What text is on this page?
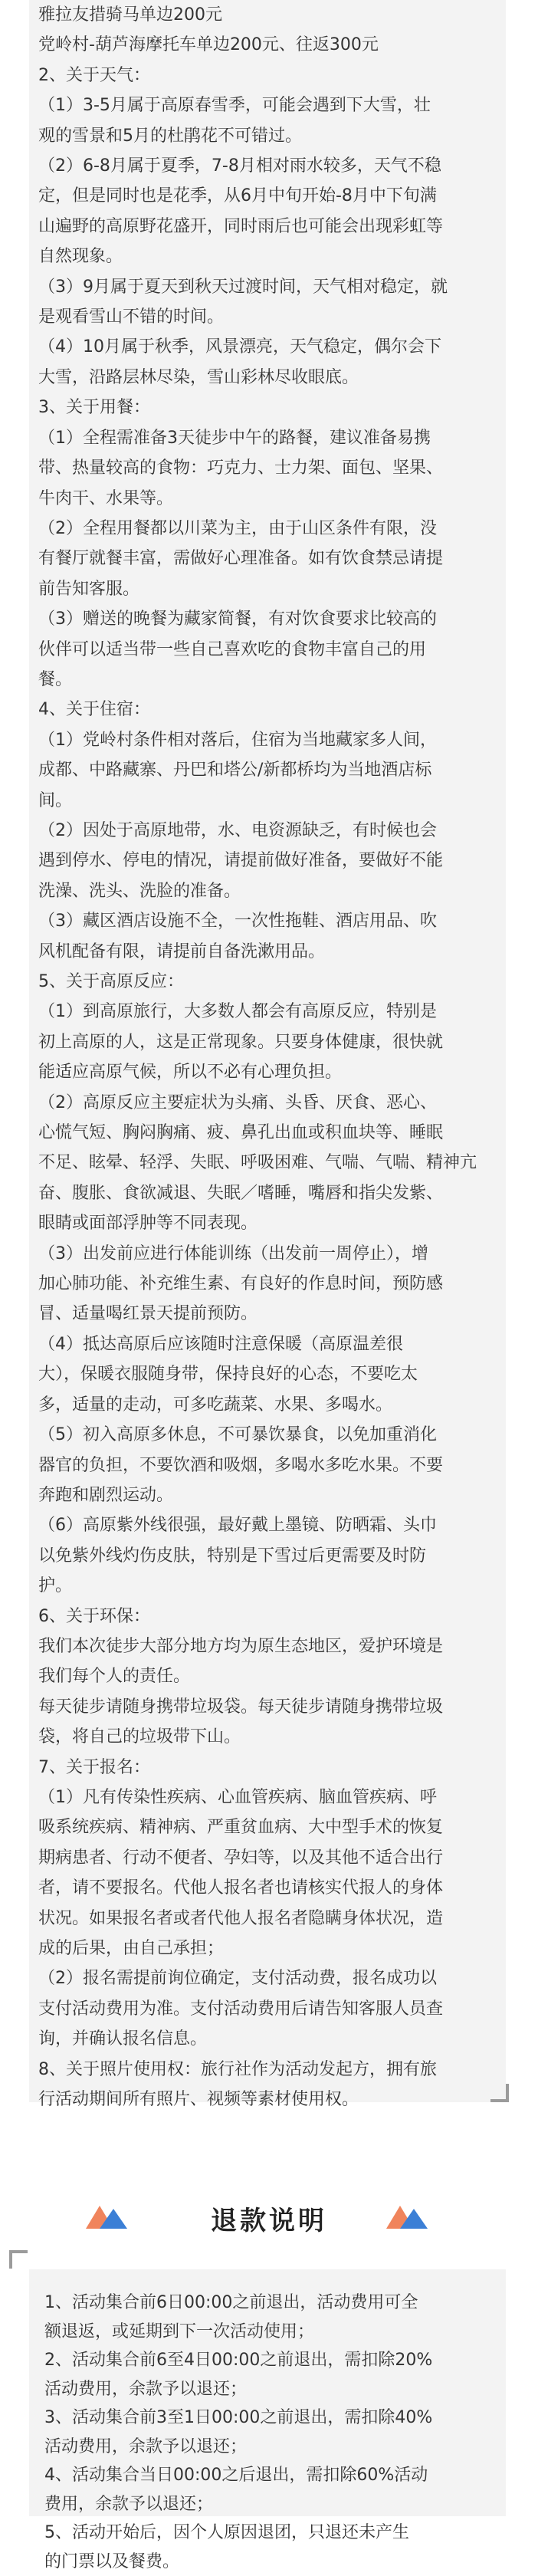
雅拉友措骑马单边200元
党岭村-葫芦海摩托车单边200元、往返300元
2、关于天气：
（1）3-5月属于高原春雪季，可能会遇到下大雪，壮
观的雪景和5月的杜鹃花不可错过。
（2）6-8月属于夏季，7-8月相对雨水较多，天气不稳
定，但是同时也是花季，从6月中旬开始-8月中下旬满
山遍野的高原野花盛开，同时雨后也可能会出现彩虹等
自然现象。
（3）9月属于夏天到秋天过渡时间，天气相对稳定，就
是观看雪山不错的时间。
（4）10月属于秋季，风景漂亮，天气稳定，偶尔会下
大雪，沿路层林尽染，雪山彩林尽收眼底。
3、关于用餐：
（1）全程需准备3天徒步中午的路餐，建议准备易携
带、热量较高的食物：巧克力、士力架、面包、坚果、
牛肉干、水果等。
（2）全程用餐都以川菜为主，由于山区条件有限，没
有餐厅就餐丰富，需做好心理准备。如有饮食禁忌请提
前告知客服。
（3）赠送的晚餐为藏家简餐，有对饮食要求比较高的
伙伴可以适当带一些自己喜欢吃的食物丰富自己的用
餐。
4、关于住宿：
（1）党岭村条件相对落后，住宿为当地藏家多人间，
成都、中路藏寨、丹巴和塔公/新都桥均为当地酒店标
间。
（2）因处于高原地带，水、电资源缺乏，有时候也会
遇到停水、停电的情况，请提前做好准备，要做好不能
洗澡、洗头、洗脸的准备。
（3）藏区酒店设施不全，一次性拖鞋、酒店用品、吹
风机配备有限，请提前自备洗漱用品。
5、关于高原反应：
（1）到高原旅行，大多数人都会有高原反应，特别是
初上高原的人，这是正常现象。只要身体健康，很快就
能适应高原气候，所以不必有心理负担。
（2）高原反应主要症状为头痛、头昏、厌食、恶心、
心慌气短、胸闷胸痛、疲、鼻孔出血或积血块等、睡眠
不足、眩晕、轻浮、失眠、呼吸困难、气喘、气喘、精神亢
奋、腹胀、食欲减退、失眠／嗜睡，嘴唇和指尖发紫、
眼睛或面部浮肿等不同表现。
（3）出发前应进行体能训练（出发前一周停止），增
加心肺功能、补充维生素、有良好的作息时间，预防感
冒、适量喝红景天提前预防。
（4）抵达高原后应该随时注意保暖（高原温差很
大），保暖衣服随身带，保持良好的心态，不要吃太
多，适量的走动，可多吃蔬菜、水果、多喝水。
（5）初入高原多休息，不可暴饮暴食，以免加重消化
器官的负担，不要饮酒和吸烟，多喝水多吃水果。不要
奔跑和剧烈运动。
（6）高原紫外线很强，最好戴上墨镜、防晒霜、头巾
以免紫外线灼伤皮肤，特别是下雪过后更需要及时防
护。
6、关于环保：
我们本次徒步大部分地方均为原生态地区，爱护环境是
我们每个人的责任。
每天徒步请随身携带垃圾袋。每天徒步请随身携带垃圾
袋，将自己的垃圾带下山。
7、关于报名：
（1）凡有传染性疾病、心血管疾病、脑血管疾病、呼
吸系统疾病、精神病、严重贫血病、大中型手术的恢复
期病患者、行动不便者、孕妇等，以及其他不适合出行
者，请不要报名。代他人报名者也请核实代报人的身体
状况。如果报名者或者代他人报名者隐瞒身体状况，造
成的后果，由自己承担；
（2）报名需提前询位确定，支付活动费，报名成功以
支付活动费用为准。支付活动费用后请告知客服人员查
询，并确认报名信息。
8、关于照片使用权：旅行社作为活动发起方，拥有旅
行活动期间所有照片、视频等素材使用权。
退款说明
1、活动集合前6日00:00之前退出，活动费用可全
额退返，或延期到下一次活动使用；
2、活动集合前6至4日00:00之前退出，需扣除20%
活动费用，余款予以退还；
3、活动集合前3至1日00:00之前退出，需扣除40%
活动费用，余款予以退还；
4、活动集合当日00:00之后退出，需扣除60%活动
费用，余款予以退还；
5、活动开始后，因个人原因退团，只退还未产生
的门票以及餐费。
